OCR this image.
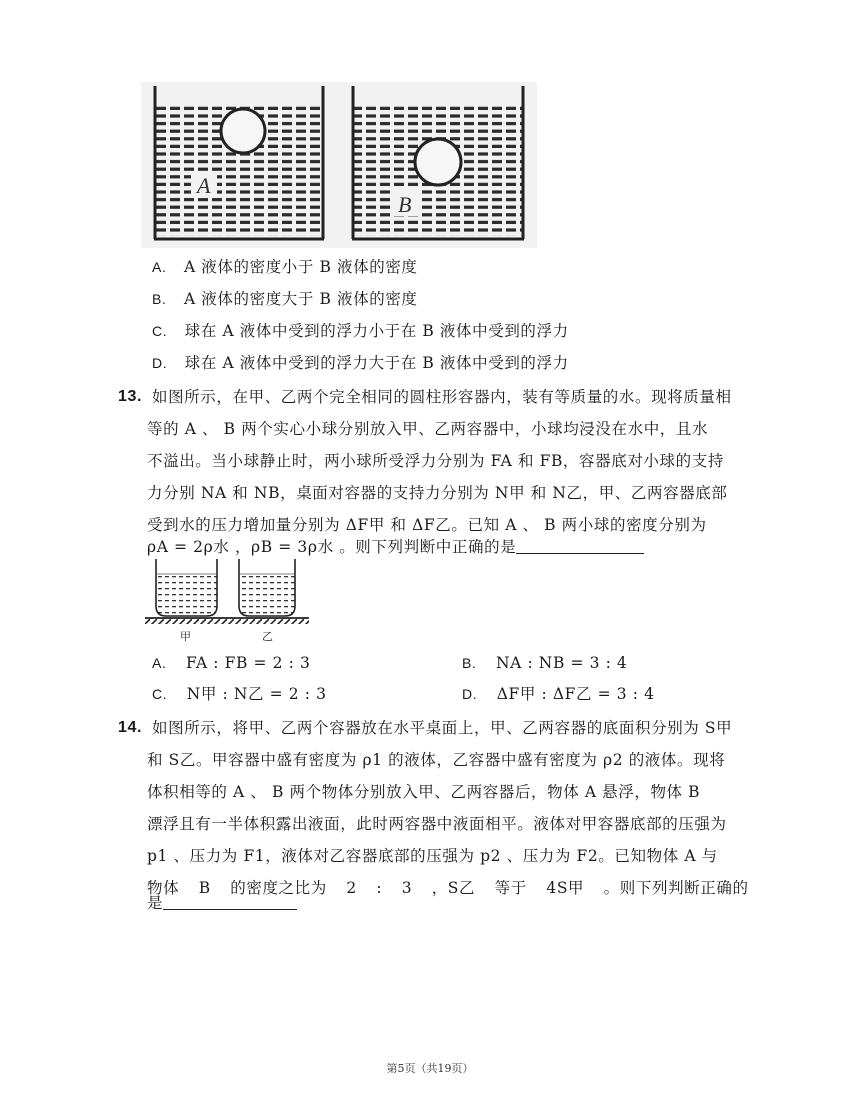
A
B
A. A 液体的密度小于 B 液体的密度
B. A 液体的密度大于 B 液体的密度
C. 球在 A 液体中受到的浮力小于在 B 液体中受到的浮力
D. 球在 A 液体中受到的浮力大于在 B 液体中受到的浮力
13. 如图所示，在甲、乙两个完全相同的圆柱形容器内，装有等质量的水。现将质量相
等的 A 、 B 两个实心小球分别放入甲、乙两容器中，小球均浸没在水中，且水
不溢出。当小球静止时，两小球所受浮力分别为 FA 和 FB，容器底对小球的支持
力分别 NA 和 NB，桌面对容器的支持力分别为 N甲 和 N乙，甲、乙两容器底部
受到水的压力增加量分别为 ΔF甲 和 ΔF乙。已知 A 、 B 两小球的密度分别为
ρA = 2ρ水 ，ρB = 3ρ水 。则下列判断中正确的是
甲	乙
A. FA : FB = 2 : 3	B. NA : NB = 3 : 4
C. N甲 : N乙 = 2 : 3	D. ΔF甲 : ΔF乙 = 3 : 4
14. 如图所示，将甲、乙两个容器放在水平桌面上，甲、乙两容器的底面积分别为 S甲
和 S乙。甲容器中盛有密度为 ρ1 的液体，乙容器中盛有密度为 ρ2 的液体。现将
体积相等的 A 、 B 两个物体分别放入甲、乙两容器后，物体 A 悬浮，物体 B
漂浮且有一半体积露出液面，此时两容器中液面相平。液体对甲容器底部的压强为
p1 、压力为 F1，液体对乙容器底部的压强为 p2 、压力为 F2。已知物体 A 与
物体 B 的密度之比为 2 : 3 ，S乙 等于 4S甲 。则下列判断正确的
是
第5页（共19页）
